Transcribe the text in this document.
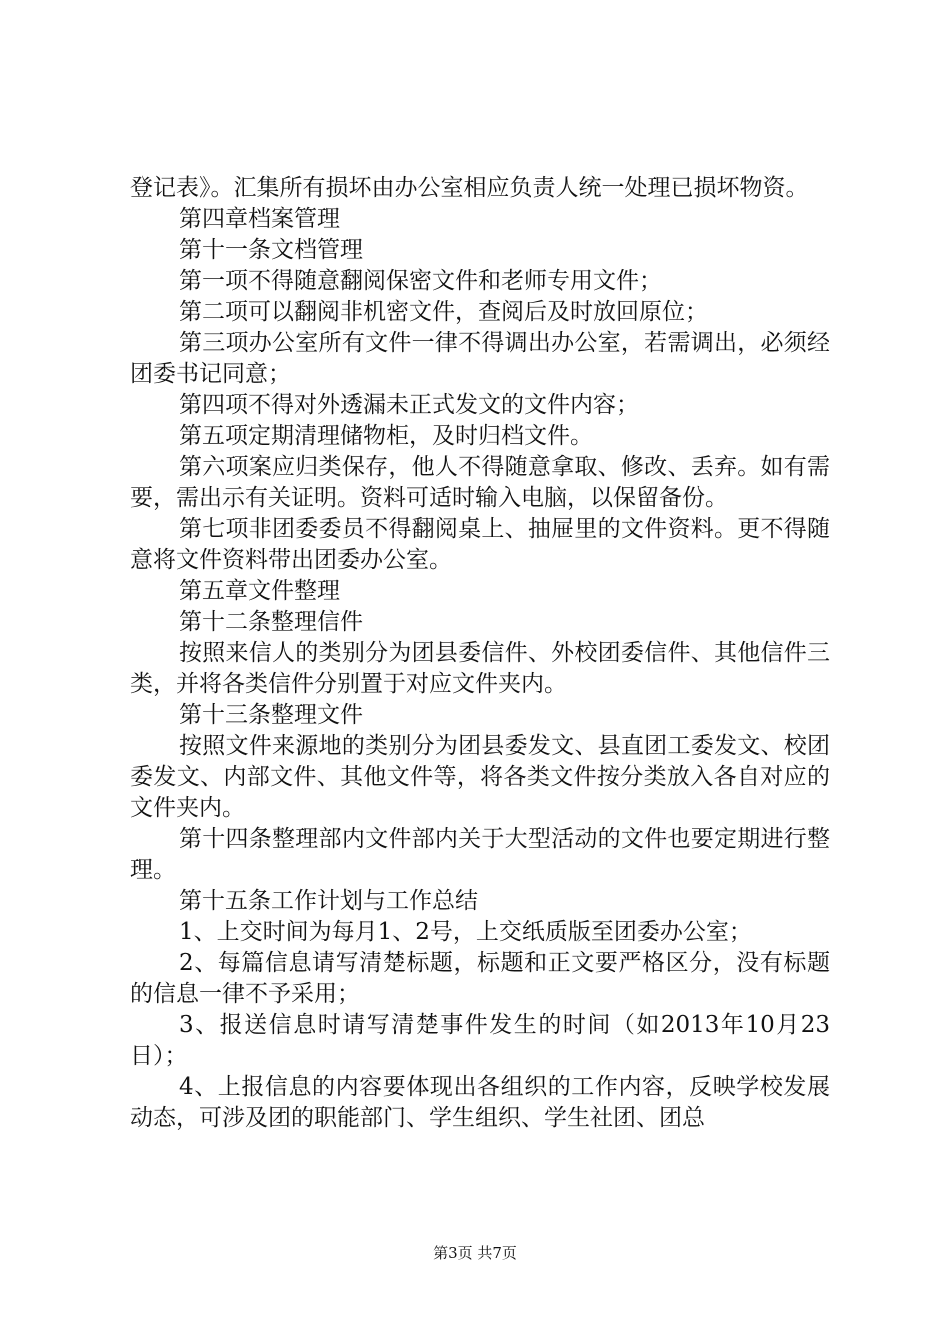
登记表》。汇集所有损坏由办公室相应负责人统一处理已损坏物资。

第四章档案管理

第十一条文档管理

第一项不得随意翻阅保密文件和老师专用文件；

第二项可以翻阅非机密文件，查阅后及时放回原位；

第三项办公室所有文件一律不得调出办公室，若需调出，必须经团委书记同意；

第四项不得对外透漏未正式发文的文件内容；

第五项定期清理储物柜，及时归档文件。

第六项案应归类保存，他人不得随意拿取、修改、丢弃。如有需要，需出示有关证明。资料可适时输入电脑，以保留备份。

第七项非团委委员不得翻阅桌上、抽屉里的文件资料。更不得随意将文件资料带出团委办公室。

第五章文件整理

第十二条整理信件

按照来信人的类别分为团县委信件、外校团委信件、其他信件三类，并将各类信件分别置于对应文件夹内。

第十三条整理文件

按照文件来源地的类别分为团县委发文、县直团工委发文、校团委发文、内部文件、其他文件等，将各类文件按分类放入各自对应的文件夹内。

第十四条整理部内文件部内关于大型活动的文件也要定期进行整理。

第十五条工作计划与工作总结

1、上交时间为每月1、2号，上交纸质版至团委办公室；

2、每篇信息请写清楚标题，标题和正文要严格区分，没有标题的信息一律不予采用；

3、报送信息时请写清楚事件发生的时间（如2013年10月23日）；

4、上报信息的内容要体现出各组织的工作内容，反映学校发展动态，可涉及团的职能部门、学生组织、学生社团、团总

第3页 共7页
